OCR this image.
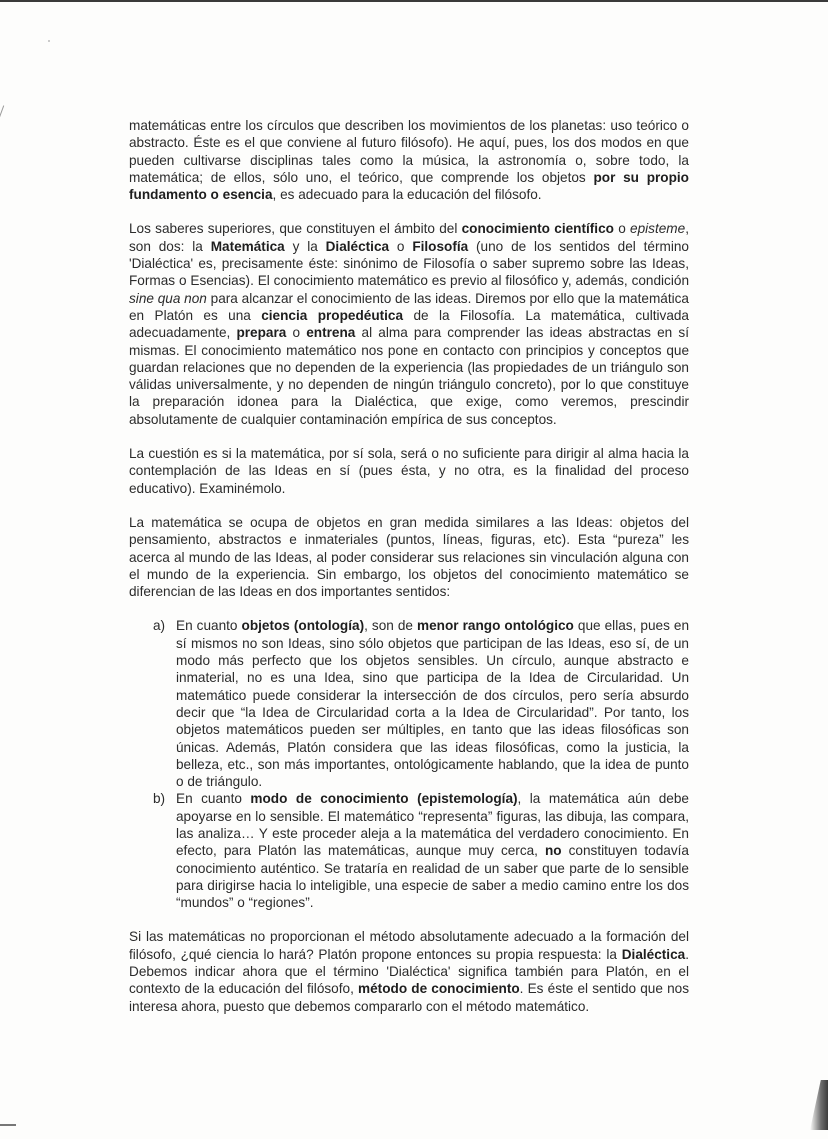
matemáticas entre los círculos que describen los movimientos de los planetas: uso teórico o abstracto. Éste es el que conviene al futuro filósofo). He aquí, pues, los dos modos en que pueden cultivarse disciplinas tales como la música, la astronomía o, sobre todo, la matemática; de ellos, sólo uno, el teórico, que comprende los objetos por su propio fundamento o esencia, es adecuado para la educación del filósofo.

Los saberes superiores, que constituyen el ámbito del conocimiento científico o episteme, son dos: la Matemática y la Dialéctica o Filosofía (uno de los sentidos del término 'Dialéctica' es, precisamente éste: sinónimo de Filosofía o saber supremo sobre las Ideas, Formas o Esencias). El conocimiento matemático es previo al filosófico y, además, condición sine qua non para alcanzar el conocimiento de las ideas. Diremos por ello que la matemática en Platón es una ciencia propedéutica de la Filosofía. La matemática, cultivada adecuadamente, prepara o entrena al alma para comprender las ideas abstractas en sí mismas. El conocimiento matemático nos pone en contacto con principios y conceptos que guardan relaciones que no dependen de la experiencia (las propiedades de un triángulo son válidas universalmente, y no dependen de ningún triángulo concreto), por lo que constituye la preparación idonea para la Dialéctica, que exige, como veremos, prescindir absolutamente de cualquier contaminación empírica de sus conceptos.

La cuestión es si la matemática, por sí sola, será o no suficiente para dirigir al alma hacia la contemplación de las Ideas en sí (pues ésta, y no otra, es la finalidad del proceso educativo). Examinémolo.

La matemática se ocupa de objetos en gran medida similares a las Ideas: objetos del pensamiento, abstractos e inmateriales (puntos, líneas, figuras, etc). Esta “pureza” les acerca al mundo de las Ideas, al poder considerar sus relaciones sin vinculación alguna con el mundo de la experiencia. Sin embargo, los objetos del conocimiento matemático se diferencian de las Ideas en dos importantes sentidos:

a) En cuanto objetos (ontología), son de menor rango ontológico que ellas, pues en sí mismos no son Ideas, sino sólo objetos que participan de las Ideas, eso sí, de un modo más perfecto que los objetos sensibles. Un círculo, aunque abstracto e inmaterial, no es una Idea, sino que participa de la Idea de Circularidad. Un matemático puede considerar la intersección de dos círculos, pero sería absurdo decir que “la Idea de Circularidad corta a la Idea de Circularidad”. Por tanto, los objetos matemáticos pueden ser múltiples, en tanto que las ideas filosóficas son únicas. Además, Platón considera que las ideas filosóficas, como la justicia, la belleza, etc., son más importantes, ontológicamente hablando, que la idea de punto o de triángulo.
b) En cuanto modo de conocimiento (epistemología), la matemática aún debe apoyarse en lo sensible. El matemático “representa” figuras, las dibuja, las compara, las analiza… Y este proceder aleja a la matemática del verdadero conocimiento. En efecto, para Platón las matemáticas, aunque muy cerca, no constituyen todavía conocimiento auténtico. Se trataría en realidad de un saber que parte de lo sensible para dirigirse hacia lo inteligible, una especie de saber a medio camino entre los dos “mundos” o “regiones”.

Si las matemáticas no proporcionan el método absolutamente adecuado a la formación del filósofo, ¿qué ciencia lo hará? Platón propone entonces su propia respuesta: la Dialéctica. Debemos indicar ahora que el término 'Dialéctica' significa también para Platón, en el contexto de la educación del filósofo, método de conocimiento. Es éste el sentido que nos interesa ahora, puesto que debemos compararlo con el método matemático.
